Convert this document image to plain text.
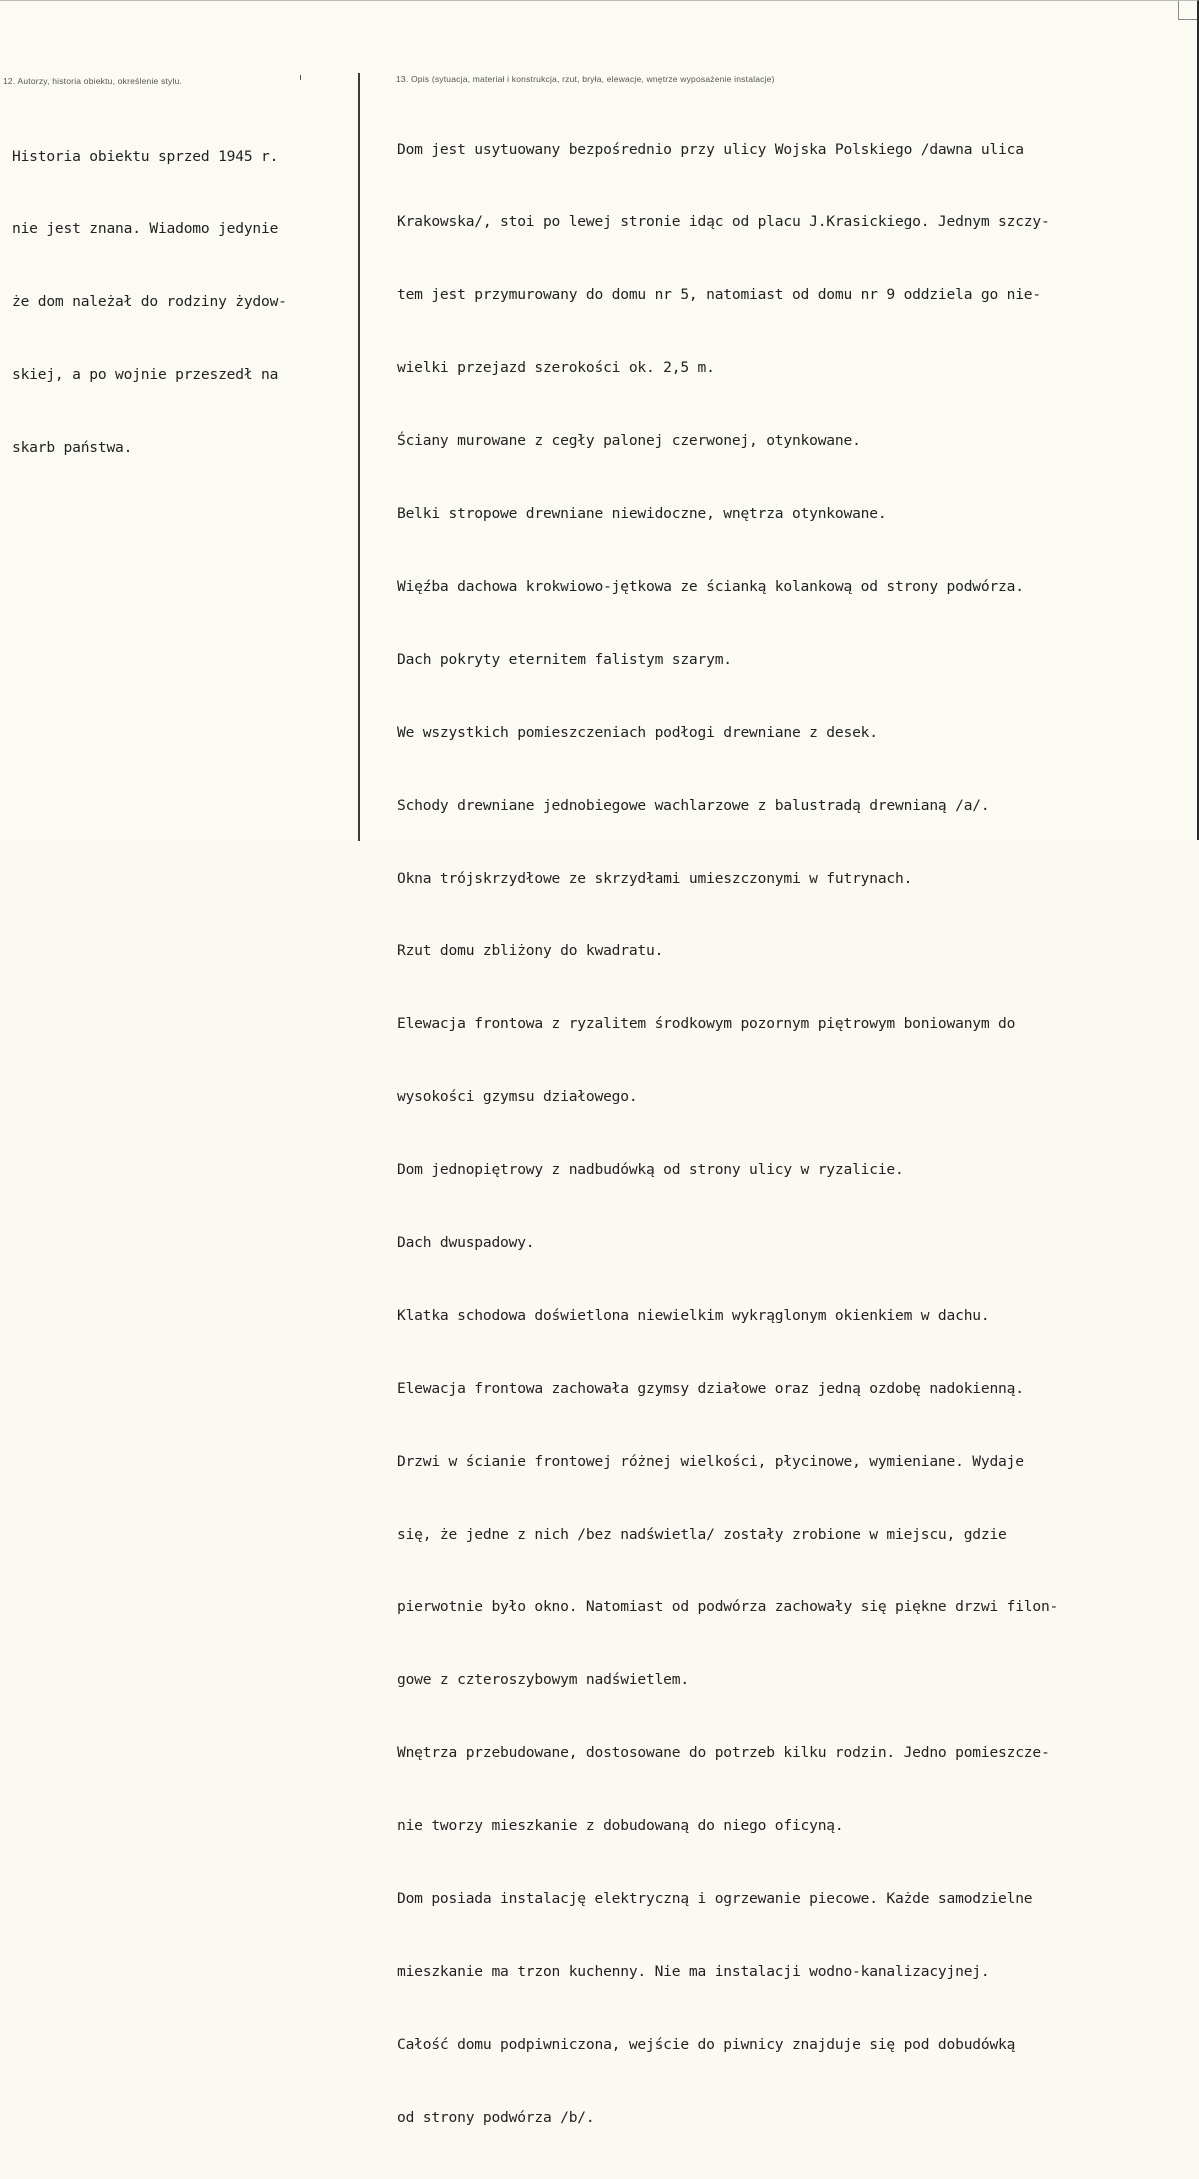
12. Autorzy, historia obiektu, określenie stylu.	13. Opis (sytuacja, materiał i konstrukcja, rzut, bryła, elewacje, wnętrze wyposażenie instalacje)

Historia obiektu sprzed 1945 r.

nie jest znana. Wiadomo jedynie

że dom należał do rodziny żydow-

skiej, a po wojnie przeszedł na

skarb państwa.

Dom jest usytuowany bezpośrednio przy ulicy Wojska Polskiego /dawna ulica

Krakowska/, stoi po lewej stronie idąc od placu J.Krasickiego. Jednym szczy-

tem jest przymurowany do domu nr 5, natomiast od domu nr 9 oddziela go nie-

wielki przejazd szerokości ok. 2,5 m.

Ściany murowane z cegły palonej czerwonej, otynkowane.

Belki stropowe drewniane niewidoczne, wnętrza otynkowane.

Więźba dachowa krokwiowo-jętkowa ze ścianką kolankową od strony podwórza.

Dach pokryty eternitem falistym szarym.

We wszystkich pomieszczeniach podłogi drewniane z desek.

Schody drewniane jednobiegowe wachlarzowe z balustradą drewnianą /a/.

Okna trójskrzydłowe ze skrzydłami umieszczonymi w futrynach.

Rzut domu zbliżony do kwadratu.

Elewacja frontowa z ryzalitem środkowym pozornym piętrowym boniowanym do

wysokości gzymsu działowego.

Dom jednopiętrowy z nadbudówką od strony ulicy w ryzalicie.

Dach dwuspadowy.

Klatka schodowa doświetlona niewielkim wykrąglonym okienkiem w dachu.

Elewacja frontowa zachowała gzymsy działowe oraz jedną ozdobę nadokienną.

Drzwi w ścianie frontowej różnej wielkości, płycinowe, wymieniane. Wydaje

się, że jedne z nich /bez nadświetla/ zostały zrobione w miejscu, gdzie

pierwotnie było okno. Natomiast od podwórza zachowały się piękne drzwi filon-

gowe z czteroszybowym nadświetlem.

Wnętrza przebudowane, dostosowane do potrzeb kilku rodzin. Jedno pomieszcze-

nie tworzy mieszkanie z dobudowaną do niego oficyną.

Dom posiada instalację elektryczną i ogrzewanie piecowe. Każde samodzielne

mieszkanie ma trzon kuchenny. Nie ma instalacji wodno-kanalizacyjnej.

Całość domu podpiwniczona, wejście do piwnicy znajduje się pod dobudówką

od strony podwórza /b/.
